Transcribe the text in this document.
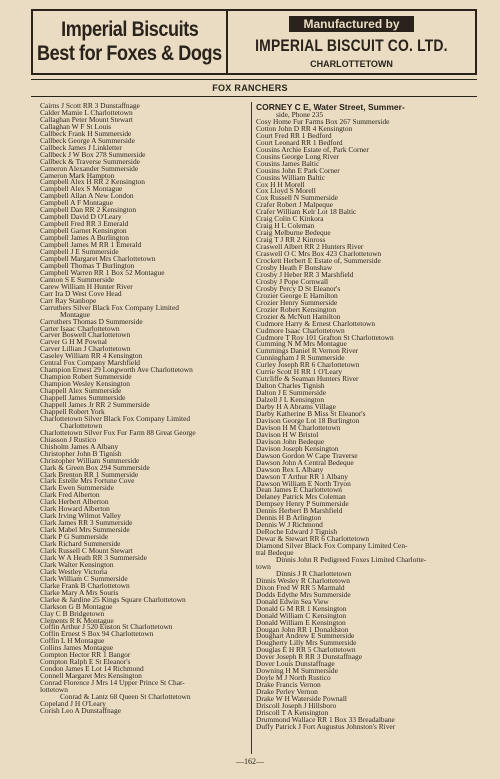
Imperial Biscuits
Best for Foxes & Dogs
Manufactured by
IMPERIAL BISCUIT CO. LTD.
CHARLOTTETOWN
FOX RANCHERS
Cairns J Scott RR 3 Dunstaffnage
Calder Mamie L Charlottetown
Callaghan Peter Mount Stewart
Callaghan W F St Louis
Callbeck Frank H Summerside
Callbeck George A Summerside
Callbeck James J Linkletter
Callbeck J W Box 278 Summerside
Callbeck & Traverse Summerside
Cameron Alexander Summerside
Cameron Mark Hampton
Campbell Alex H RR 2 Kensington
Campbell Alex S Montague
Campbell Allan A New London
Campbell A F Montague
Campbell Dan RR 2 Kensington
Campbell David D O'Leary
Campbell Fred RR 3 Emerald
Campbell Garnet Kensington
Campbell James A Burlington
Campbell James M RR 1 Emerald
Campbell J E Summerside
Campbell Margaret Mrs Charlottetown
Campbell Thomas T Burlington
Campbell Warren RR 1 Box 52 Montague
Cannon S E Summerside
Carew William H Hunter River
Carr Ira D West Cove Head
Carr Ray Stanhope
Carruthers Silver Black Fox Company Limited
Montague
Carruthers Thomas D Summerside
Carter Isaac Charlottetown
Carver Boswell Charlottetown
Carver G H M Pownal
Carver Lillian J Charlottetown
Caseley William RR 4 Kensington
Central Fox Company Marshfield
Champion Ernest 29 Longworth Ave Charlottetown
Champion Robert Summerside
Champion Wesley Kensington
Chappell Alex Summerside
Chappell James Summerside
Chappell James Jr RR 2 Summerside
Chappell Robert York
Charlottetown Silver Black Fox Company Limited
Charlottetown
Charlottetown Silver Fox Fur Farm 88 Great George
Chiasson J Rustico
Chisholm James A Albany
Christopher John B Tignish
Christopher William Summerside
Clark & Green Box 294 Summerside
Clark Brenton RR 1 Summerside
Clark Estelle Mrs Fortune Cove
Clark Ewen Summerside
Clark Fred Alberton
Clark Herbert Alberton
Clark Howard Alberton
Clark Irving Wilmot Valley
Clark James RR 3 Summerside
Clark Mabel Mrs Summerside
Clark P G Summerside
Clark Richard Summerside
Clark Russell C Mount Stewart
Clark W A Heath RR 3 Summerside
Clark Walter Kensington
Clark Westley Victoria
Clark William C Summerside
Clarke Frank B Charlottetown
Clarke Mary A Mrs Souris
Clarke & Jardine 25 Kings Square Charlottetown
Clarkson G B Montague
Clay C B Bridgetown
Clements R K Montague
Coffin Arthur J 520 Euston St Charlottetown
Coffin Ernest S Box 94 Charlottetown
Coffin L H Montague
Collins James Montague
Compton Hector RR 1 Bangor
Compton Ralph E St Eleanor's
Condon James E Lot 14 Richmond
Connell Margaret Mrs Kensington
Conrad Florence J Mrs 14 Upper Prince St Char-
lottetown
Conrad & Lantz 68 Queen St Charlottetown
Copeland J H O'Leary
Corish Leo A Dunstaffnage
CORNEY C E, Water Street, Summer-
side, Phone 235
Cosy Home Fur Farms Box 267 Summerside
Cotton John D RR 4 Kensington
Court Fred RR 1 Bedford
Court Leonard RR 1 Bedford
Cousins Archie Estate of, Park Corner
Cousins George Long River
Cousins James Baltic
Cousins John E Park Corner
Cousins William Baltic
Cox H H Morell
Cox Lloyd S Morell
Cox Russell N Summerside
Crafer Robert J Malpeque
Crafer William Kelr Lot 18 Baltic
Craig Colin C Kinkora
Craig H L Coleman
Craig Melburne Bedeque
Craig T J RR 2 Kinross
Craswell Albert RR 2 Hunters River
Craswell O C Mrs Box 423 Charlottetown
Crockett Herbert E Estate of, Summerside
Crosby Heath F Bonshaw
Crosby J Heber RR 3 Marshfield
Crosby J Pope Cornwall
Crosby Percy D St Eleanor's
Crozier George E Hamilton
Crozier Henry Summerside
Crozier Robert Kensington
Crozier & McNutt Hamilton
Cudmore Harry & Ernest Charlottetown
Cudmore Isaac Charlottetown
Cudmore T Roy 101 Grafton St Charlottetown
Cumming N M Mrs Montague
Cummings Daniel R Vernon River
Cunningham J R Summerside
Curley Joseph RR 6 Charlottetown
Currie Scott H RR 1 O'Leary
Cutcliffe & Seaman Hunters River
Dalton Charles Tignish
Dalton J E Summerside
Dalzell J L Kensington
Darby H A Abrams Village
Darby Katherine B Miss St Eleanor's
Davison George Lot 18 Burlington
Davison H M Charlottetown
Davison H W Bristol
Davison John Bedeque
Davison Joseph Kensington
Dawson Gordon W Cape Traverse
Dawson John A Central Bedeque
Dawson Rex L Albany
Dawson T Arthur RR 1 Albany
Dawson William E North Tryon
Dean James E Charlottetown
Delaney Patrick Mrs Coleman
Dempsey Henry P Summerside
Dennis Herbert B Marshfield
Dennis H B Arlington
Dennis W J Richmond
DeRoche Edward J Tignish
Dewar & Stewart RR 6 Charlottetown
Diamond Silver Black Fox Company Limited Cen-
tral Bedeque
Dinnis John R Pedigreed Foxes Limited Charlotte-
town
Dinnis J R Charlottetown
Dinnis Wesley R Charlottetown
Dixon Fred W RR 5 Marmald
Dodds Edythe Mrs Summerside
Donald Edwin Sea View
Donald G M RR 1 Kensington
Donald William C Kensington
Donald William E Kensington
Dougan John RR 1 Donaldston
Doughart Andrew E Summerside
Dougherty Lilly Mrs Summerside
Douglas E H RR 5 Charlottetown
Dover Joseph R RR 3 Dunstaffnage
Dover Louis Dunstaffnage
Downing H M Summerside
Doyle M J North Rustico
Drake Francis Vernon
Drake Perley Vernon
Drake W H Waterside Pownall
Driscoll Joseph J Hillsboro
Driscoll T A Kensington
Drummond Wallace RR 1 Box 33 Breadalbane
Duffy Patrick J Fort Augustus Johnston's River
—162—
